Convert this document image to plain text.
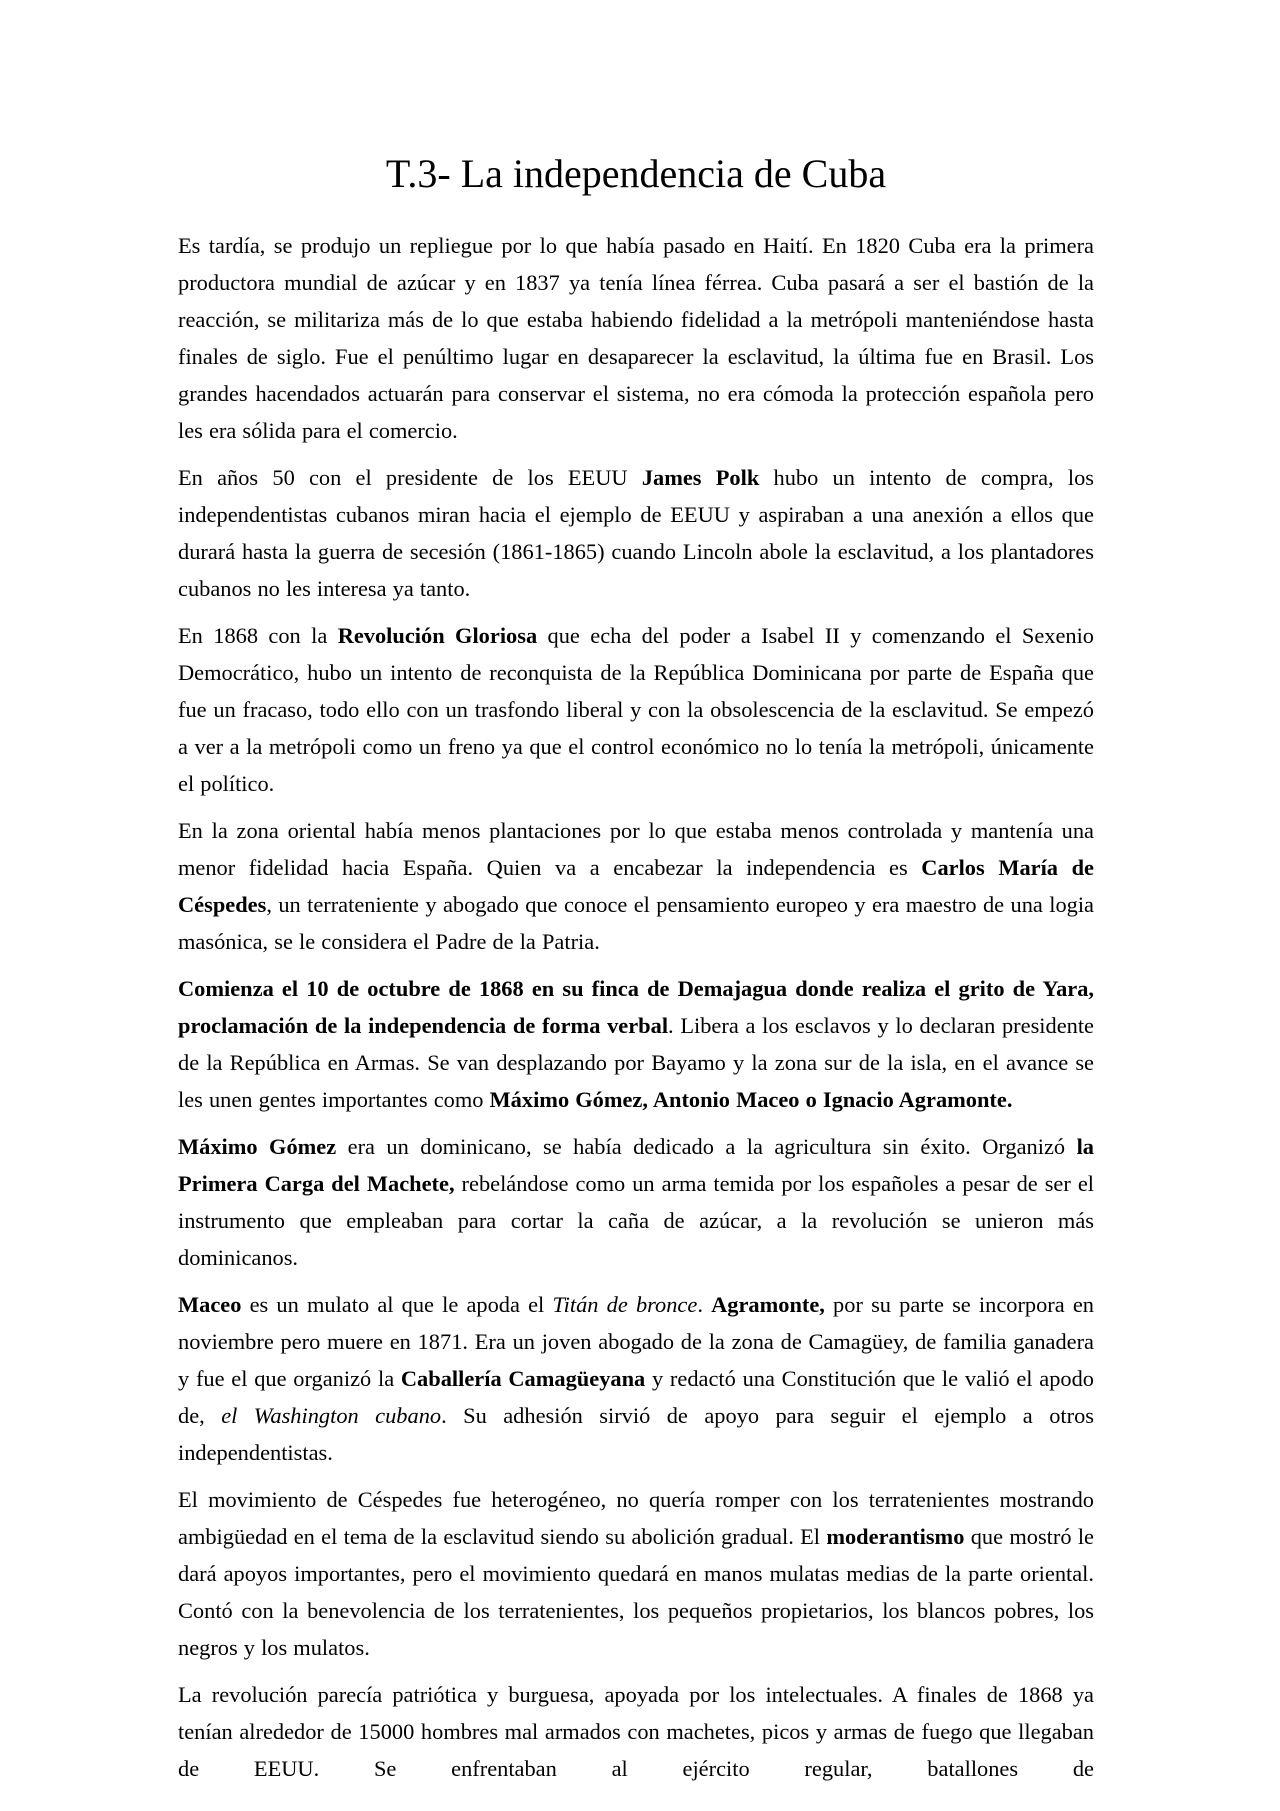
T.3- La independencia de Cuba

Es tardía, se produjo un repliegue por lo que había pasado en Haití. En 1820 Cuba era la primera productora mundial de azúcar y en 1837 ya tenía línea férrea. Cuba pasará a ser el bastión de la reacción, se militariza más de lo que estaba habiendo fidelidad a la metrópoli manteniéndose hasta finales de siglo. Fue el penúltimo lugar en desaparecer la esclavitud, la última fue en Brasil. Los grandes hacendados actuarán para conservar el sistema, no era cómoda la protección española pero les era sólida para el comercio.

En años 50 con el presidente de los EEUU James Polk hubo un intento de compra, los independentistas cubanos miran hacia el ejemplo de EEUU y aspiraban a una anexión a ellos que durará hasta la guerra de secesión (1861-1865) cuando Lincoln abole la esclavitud, a los plantadores cubanos no les interesa ya tanto.

En 1868 con la Revolución Gloriosa que echa del poder a Isabel II y comenzando el Sexenio Democrático, hubo un intento de reconquista de la República Dominicana por parte de España que fue un fracaso, todo ello con un trasfondo liberal y con la obsolescencia de la esclavitud. Se empezó a ver a la metrópoli como un freno ya que el control económico no lo tenía la metrópoli, únicamente el político.

En la zona oriental había menos plantaciones por lo que estaba menos controlada y mantenía una menor fidelidad hacia España. Quien va a encabezar la independencia es Carlos María de Céspedes, un terrateniente y abogado que conoce el pensamiento europeo y era maestro de una logia masónica, se le considera el Padre de la Patria.

Comienza el 10 de octubre de 1868 en su finca de Demajagua donde realiza el grito de Yara, proclamación de la independencia de forma verbal. Libera a los esclavos y lo declaran presidente de la República en Armas. Se van desplazando por Bayamo y la zona sur de la isla, en el avance se les unen gentes importantes como Máximo Gómez, Antonio Maceo o Ignacio Agramonte.

Máximo Gómez era un dominicano, se había dedicado a la agricultura sin éxito. Organizó la Primera Carga del Machete, rebelándose como un arma temida por los españoles a pesar de ser el instrumento que empleaban para cortar la caña de azúcar, a la revolución se unieron más dominicanos.

Maceo es un mulato al que le apoda el Titán de bronce. Agramonte, por su parte se incorpora en noviembre pero muere en 1871. Era un joven abogado de la zona de Camagüey, de familia ganadera y fue el que organizó la Caballería Camagüeyana y redactó una Constitución que le valió el apodo de, el Washington cubano. Su adhesión sirvió de apoyo para seguir el ejemplo a otros independentistas.

El movimiento de Céspedes fue heterogéneo, no quería romper con los terratenientes mostrando ambigüedad en el tema de la esclavitud siendo su abolición gradual. El moderantismo que mostró le dará apoyos importantes, pero el movimiento quedará en manos mulatas medias de la parte oriental. Contó con la benevolencia de los terratenientes, los pequeños propietarios, los blancos pobres, los negros y los mulatos.

La revolución parecía patriótica y burguesa, apoyada por los intelectuales. A finales de 1868 ya tenían alrededor de 15000 hombres mal armados con machetes, picos y armas de fuego que llegaban de EEUU. Se enfrentaban al ejército regular, batallones de
